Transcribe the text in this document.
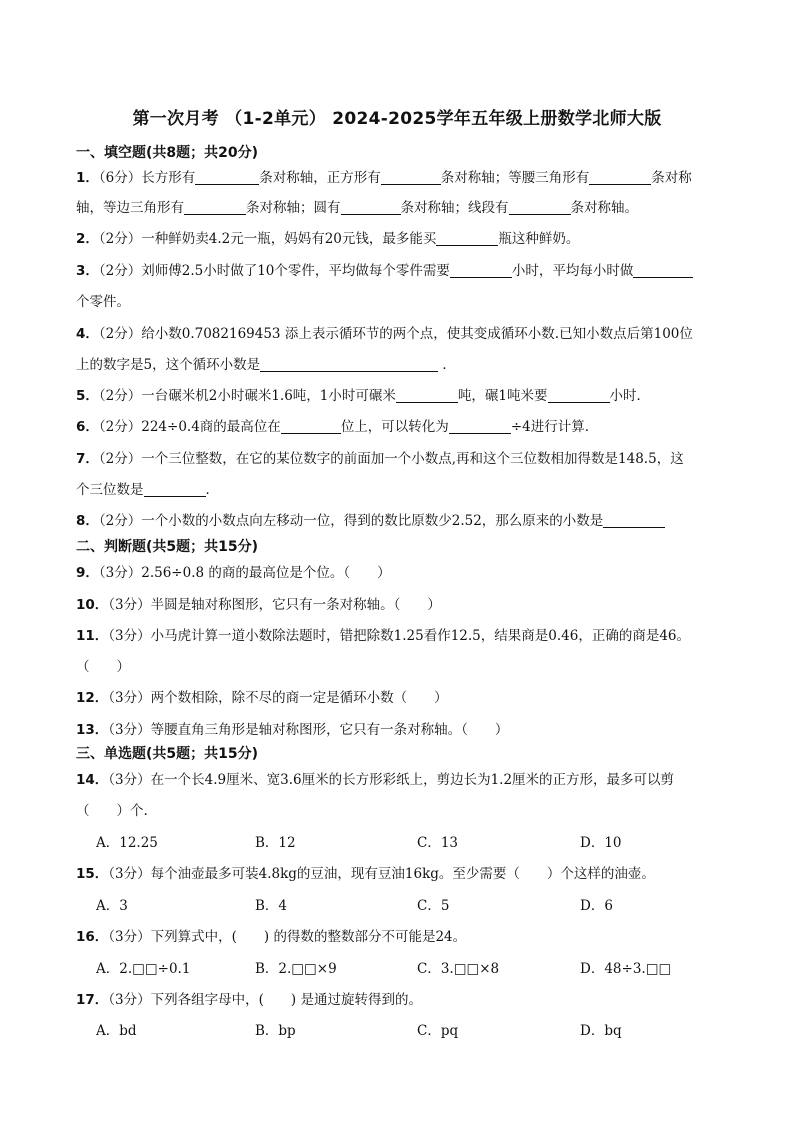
第一次月考 （1-2单元） 2024-2025学年五年级上册数学北师大版
一、填空题(共8题；共20分)
1．（6分）长方形有	条对称轴，正方形有	条对称轴；等腰三角形有	条对称
轴，等边三角形有	条对称轴；圆有	条对称轴；线段有	条对称轴。
2．（2分）一种鲜奶卖4.2元一瓶，妈妈有20元钱，最多能买	瓶这种鲜奶。
3．（2分）刘师傅2.5小时做了10个零件，平均做每个零件需要	小时，平均每小时做
个零件。
4．（2分）给小数0.7082169453 添上表示循环节的两个点，使其变成循环小数.已知小数点后第100位
上的数字是5，这个循环小数是	．
5．（2分）一台碾米机2小时碾米1.6吨，1小时可碾米	吨，碾1吨米要	小时．
6．（2分）224÷0.4商的最高位在	位上，可以转化为	÷4进行计算．
7．（2分）一个三位整数，在它的某位数字的前面加一个小数点,再和这个三位数相加得数是148.5，这
个三位数是	．
8．（2分）一个小数的小数点向左移动一位，得到的数比原数少2.52，那么原来的小数是
二、判断题(共5题；共15分)
9．（3分）2.56÷0.8 的商的最高位是个位。（　　）
10．（3分）半圆是轴对称图形，它只有一条对称轴。（　　）
11．（3分）小马虎计算一道小数除法题时，错把除数1.25看作12.5，结果商是0.46，正确的商是46。
（　　）
12．（3分）两个数相除，除不尽的商一定是循环小数（　　）
13．（3分）等腰直角三角形是轴对称图形，它只有一条对称轴。（　　）
三、单选题(共5题；共15分)
14．（3分）在一个长4.9厘米、宽3.6厘米的长方形彩纸上，剪边长为1.2厘米的正方形，最多可以剪
（　　）个.
A．12.25	B．12	C．13	D．10
15．（3分）每个油壶最多可装4.8kg的豆油，现有豆油16kg。至少需要（　　）个这样的油壶。
A．3	B．4	C．5	D．6
16．（3分）下列算式中，(　　) 的得数的整数部分不可能是24。
A．2.□□÷0.1	B．2.□□×9	C．3.□□×8	D．48÷3.□□
17．（3分）下列各组字母中，(　　) 是通过旋转得到的。
A．bd	B．bp	C．pq	D．bq
